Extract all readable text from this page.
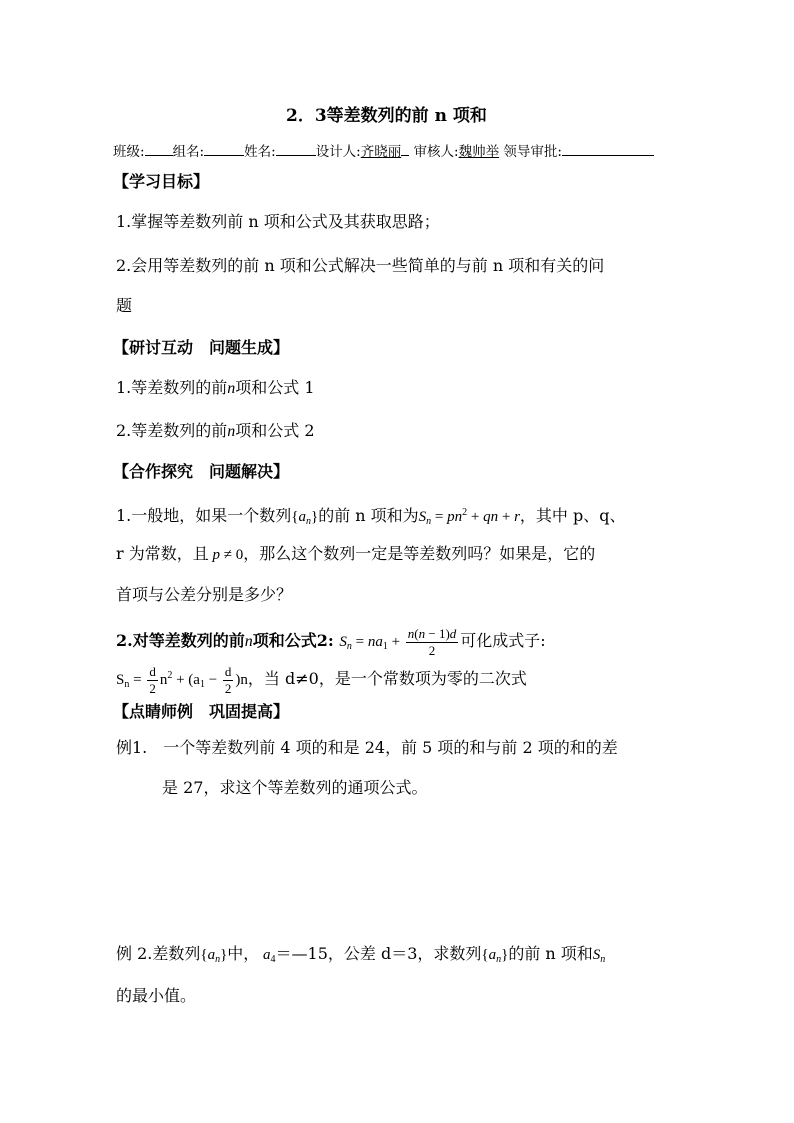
2．3等差数列的前 n 项和
班级: 组名:	姓名:	设计人:齐晓丽 审核人:魏帅举 领导审批:
【学习目标】
1.掌握等差数列前 n 项和公式及其获取思路；
2.会用等差数列的前 n 项和公式解决一些简单的与前 n 项和有关的问
题
【研讨互动　问题生成】
1.等差数列的前n项和公式 1
2.等差数列的前n项和公式 2
【合作探究　问题解决】
1.一般地，如果一个数列$\{a_n\}$的前 n 项和为$S_n = pn^2$ + qn + r，其中 p、q、
r 为常数，且 p ≠ 0，那么这个数列一定是等差数列吗？如果是，它的
首项与公差分别是多少？
2.对等差数列的前n项和公式2: $S_n = na_1 + \frac{n(n - 1)d}{2}$ 可化成式子:
$S_n = \frac{d}{2} n^2 + (a_1 - \frac{d}{2} )n$，当 d≠0，是一个常数项为零的二次式
【点睛师例　巩固提高】
例1.　一个等差数列前 4 项的和是 24，前 5 项的和与前 2 项的和的差
是 27，求这个等差数列的通项公式。
例 2.差数列$\{a_n\}$中， $a_4=—15$，公差 d＝3，求数列$\{a_n\}$的前 n 项和$S_n$
的最小值。
